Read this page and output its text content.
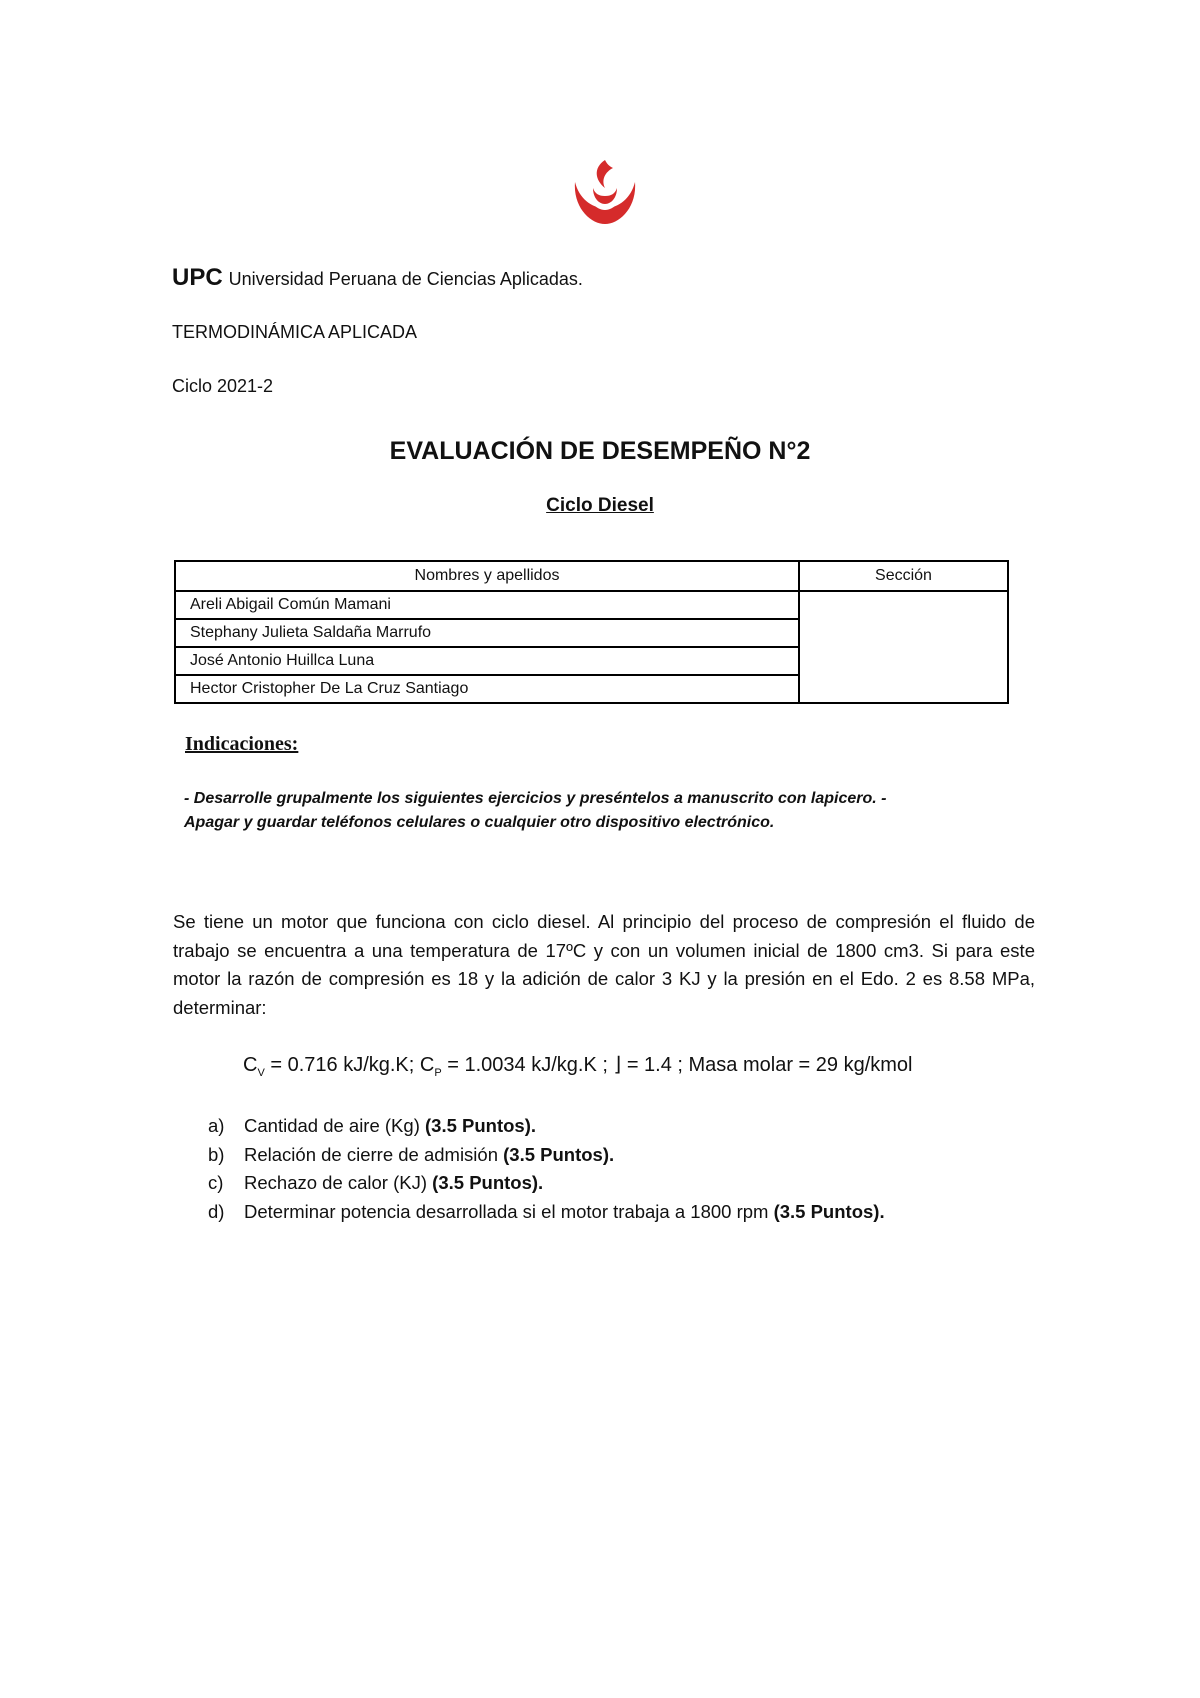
UPC Universidad Peruana de Ciencias Aplicadas.
TERMODINÁMICA APLICADA
Ciclo 2021-2
EVALUACIÓN DE DESEMPEÑO N°2
Ciclo Diesel
Nombres y apellidos	Sección
Areli Abigail Común Mamani	
Stephany Julieta Saldaña Marrufo	
José Antonio Huillca Luna	
Hector Cristopher De La Cruz Santiago	
Indicaciones:
- Desarrolle grupalmente los siguientes ejercicios y preséntelos a manuscrito con lapicero. -
Apagar y guardar teléfonos celulares o cualquier otro dispositivo electrónico.
Se tiene un motor que funciona con ciclo diesel. Al principio del proceso de compresión el fluido de trabajo se encuentra a una temperatura de 17ºC y con un volumen inicial de 1800 cm3. Si para este motor la razón de compresión es 18 y la adición de calor 3 KJ y la presión en el Edo. 2 es 8.58 MPa, determinar:
$C_V = 0.716$ kJ/kg.K; $C_P = 1.0034$ kJ/kg.K ; ⌋ = 1.4 ; Masa molar = 29 kg/kmol
a) Cantidad de aire (Kg) (3.5 Puntos).
b) Relación de cierre de admisión (3.5 Puntos).
c) Rechazo de calor (KJ) (3.5 Puntos).
d) Determinar potencia desarrollada si el motor trabaja a 1800 rpm (3.5 Puntos).
